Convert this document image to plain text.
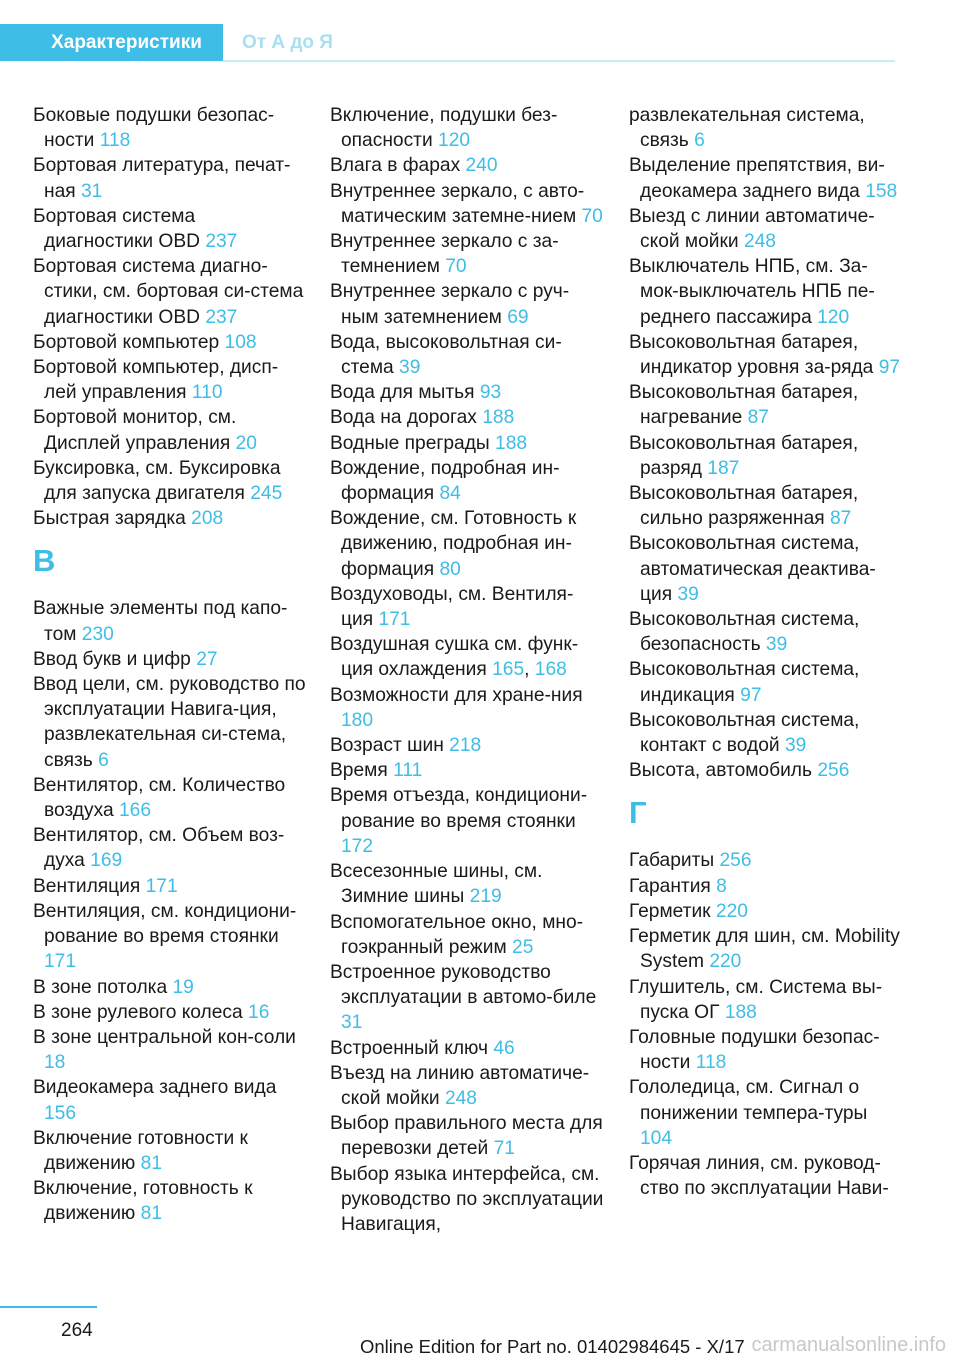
Характеристики	От А до Я
Боковые подушки безопас-ности 118
Бортовая литература, печат-ная 31
Бортовая система диагностики OBD 237
Бортовая система диагно-стики, см. бортовая си-стема диагностики OBD 237
Бортовой компьютер 108
Бортовой компьютер, дисп-лей управления 110
Бортовой монитор, см. Дисплей управления 20
Буксировка, см. Буксировка для запуска двигателя 245
Быстрая зарядка 208
В
Важные элементы под капо-том 230
Ввод букв и цифр 27
Ввод цели, см. руководство по эксплуатации Навига-ция, развлекательная си-стема, связь 6
Вентилятор, см. Количество воздуха 166
Вентилятор, см. Объем воз-духа 169
Вентиляция 171
Вентиляция, см. кондициони-рование во время стоянки 171
В зоне потолка 19
В зоне рулевого колеса 16
В зоне центральной кон-соли 18
Видеокамера заднего вида 156
Включение готовности к движению 81
Включение, готовность к движению 81
Включение, подушки без-опасности 120
Влага в фарах 240
Внутреннее зеркало, с авто-матическим затемне-нием 70
Внутреннее зеркало с за-темнением 70
Внутреннее зеркало с руч-ным затемнением 69
Вода, высоковольтная си-стема 39
Вода для мытья 93
Вода на дорогах 188
Водные преграды 188
Вождение, подробная ин-формация 84
Вождение, см. Готовность к движению, подробная ин-формация 80
Воздуховоды, см. Вентиля-ция 171
Воздушная сушка см. функ-ция охлаждения 165, 168
Возможности для хране-ния 180
Возраст шин 218
Время 111
Время отъезда, кондициони-рование во время стоянки 172
Всесезонные шины, см. Зимние шины 219
Вспомогательное окно, мно-гоэкранный режим 25
Встроенное руководство эксплуатации в автомо-биле 31
Встроенный ключ 46
Въезд на линию автоматиче-ской мойки 248
Выбор правильного места для перевозки детей 71
Выбор языка интерфейса, см. руководство по эксплуатации Навигация,
развлекательная система, связь 6
Выделение препятствия, ви-деокамера заднего вида 158
Выезд с линии автоматиче-ской мойки 248
Выключатель НПБ, см. За-мок-выключатель НПБ пе-реднего пассажира 120
Высоковольтная батарея, индикатор уровня за-ряда 97
Высоковольтная батарея, нагревание 87
Высоковольтная батарея, разряд 187
Высоковольтная батарея, сильно разряженная 87
Высоковольтная система, автоматическая деактива-ция 39
Высоковольтная система, безопасность 39
Высоковольтная система, индикация 97
Высоковольтная система, контакт с водой 39
Высота, автомобиль 256
Г
Габариты 256
Гарантия 8
Герметик 220
Герметик для шин, см. Mobility System 220
Глушитель, см. Система вы-пуска ОГ 188
Головные подушки безопас-ности 118
Гололедица, см. Сигнал о понижении темпера-туры 104
Горячая линия, см. руковод-ство по эксплуатации Нави-
264
Online Edition for Part no. 01402984645 - X/17 carmanualsonline.info
